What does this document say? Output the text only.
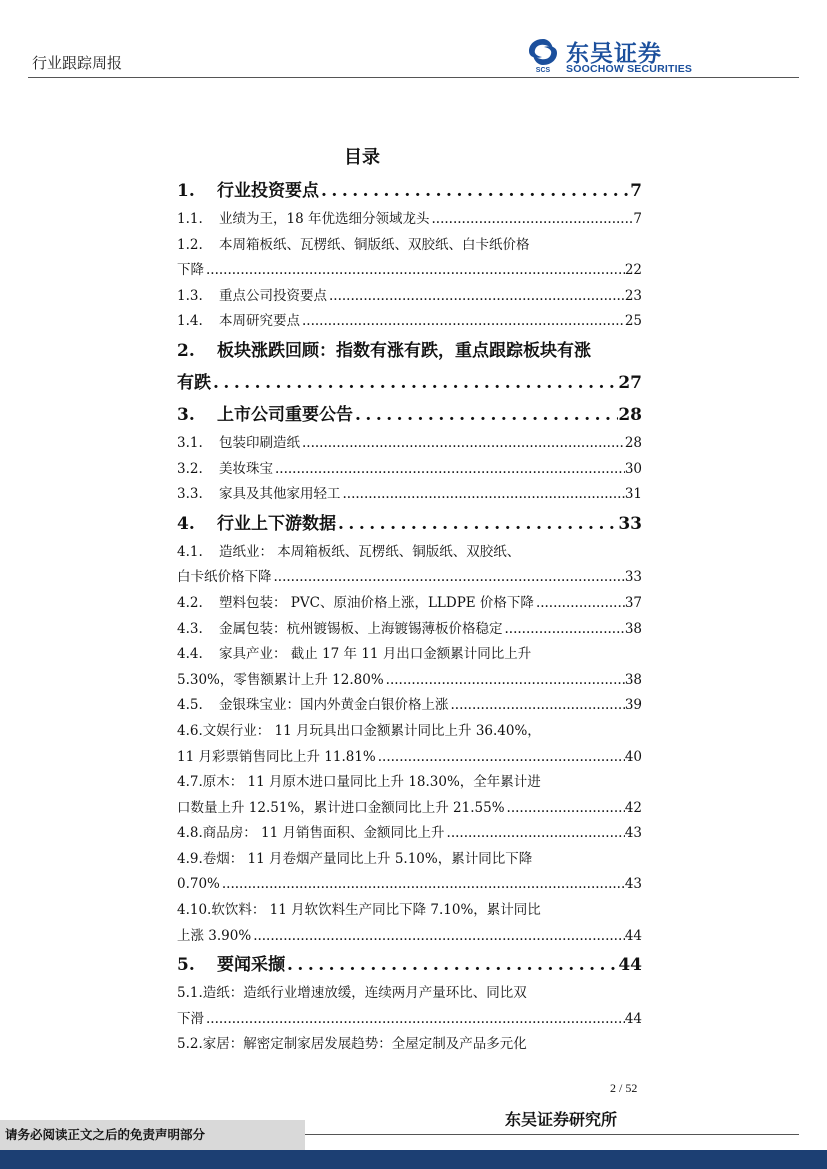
行业跟踪周报	SCS
东吴证券
SOOCHOW SECURITIES
目录
1.	行业投资要点 .....	7
1.1.	业绩为王，18 年优选细分领域龙头 .....	7
1.2.	本周箱板纸、瓦楞纸、铜版纸、双胶纸、白卡纸价格
下降 .....	22
1.3.	重点公司投资要点 .....	23
1.4.	本周研究要点 .....	25
2.	板块涨跌回顾：指数有涨有跌，重点跟踪板块有涨
有跌 .....	27
3.	上市公司重要公告 .....	28
3.1.	包装印刷造纸 .....	28
3.2.	美妆珠宝 .....	30
3.3.	家具及其他家用轻工 .....	31
4.	行业上下游数据 .....	33
4.1.	造纸业： 本周箱板纸、瓦楞纸、铜版纸、双胶纸、
白卡纸价格下降 .....	33
4.2.	塑料包装： PVC、原油价格上涨，LLDPE 价格下降 .....	37
4.3.	金属包装：杭州镀锡板、上海镀锡薄板价格稳定 .....	38
4.4.	家具产业： 截止 17 年 11 月出口金额累计同比上升
5.30%，零售额累计上升 12.80% .....	38
4.5.	金银珠宝业：国内外黄金白银价格上涨 .....	39
4.6. 文娱行业： 11 月玩具出口金额累计同比上升 36.40%，
11 月彩票销售同比上升 11.81% .....	40
4.7. 原木： 11 月原木进口量同比上升 18.30%，全年累计进
口数量上升 12.51%，累计进口金额同比上升 21.55% .....	42
4.8. 商品房： 11 月销售面积、金额同比上升 .....	43
4.9. 卷烟： 11 月卷烟产量同比上升 5.10%，累计同比下降
0.70% .....	43
4.10. 软饮料： 11 月软饮料生产同比下降 7.10%，累计同比
上涨 3.90% .....	44
5.	要闻采撷 .....	44
5.1. 造纸：造纸行业增速放缓，连续两月产量环比、同比双
下滑 .....	44
5.2. 家居：解密定制家居发展趋势：全屋定制及产品多元化
2 / 52
东吴证券研究所
请务必阅读正文之后的免责声明部分
